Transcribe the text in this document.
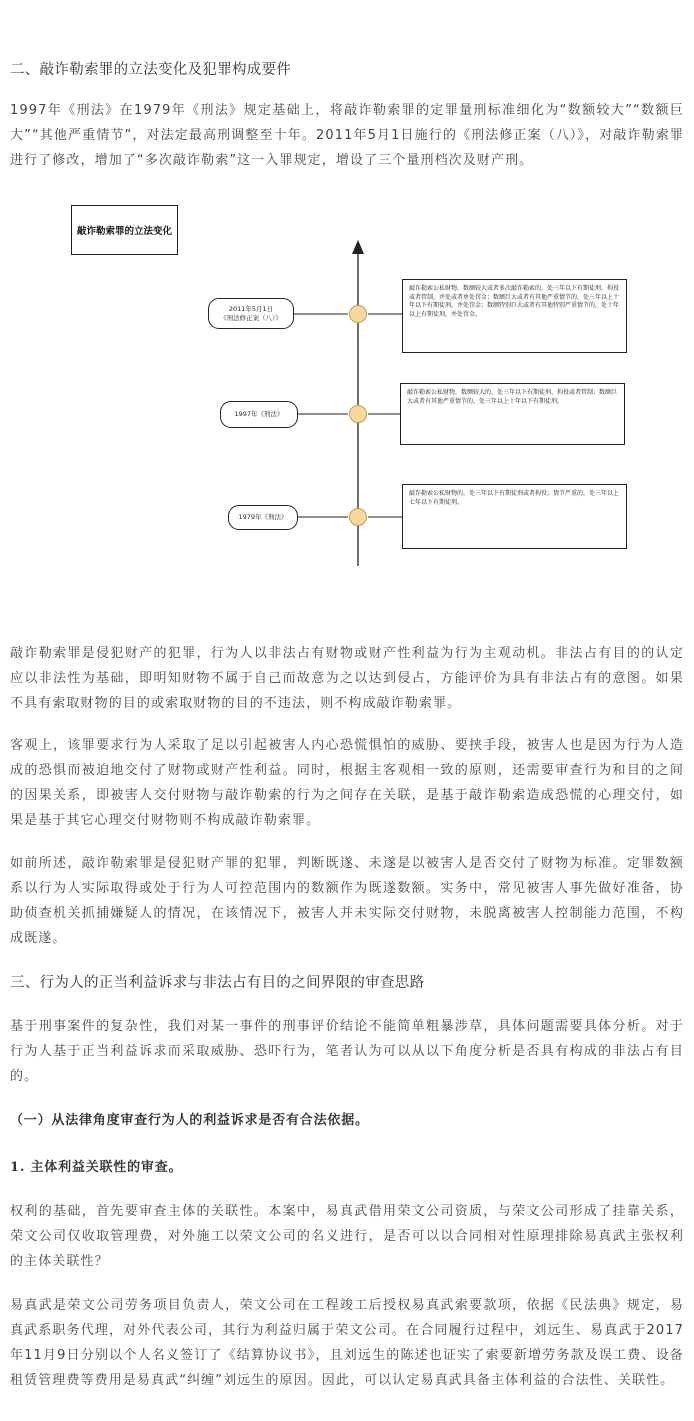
二、敲诈勒索罪的立法变化及犯罪构成要件

1997年《刑法》在1979年《刑法》规定基础上，将敲诈勒索罪的定罪量刑标准细化为“数额较大”“数额巨大”“其他严重情节”，对法定最高刑调整至十年。2011年5月1日施行的《刑法修正案（八）》，对敲诈勒索罪进行了修改，增加了“多次敲诈勒索”这一入罪规定，增设了三个量刑档次及财产刑。

敲诈勒索罪的立法变化
2011年5月1日
《刑法修正案（八）》
1997年《刑法》
1979年《刑法》
敲诈勒索公私财物，数额较大或者多次敲诈勒索的，处三年以下有期徒刑、拘役或者管制，并处或者单处罚金；数额巨大或者有其他严重情节的，处三年以上十年以下有期徒刑，并处罚金；数额特别巨大或者有其他特别严重情节的，处十年以上有期徒刑，并处罚金。
敲诈勒索公私财物，数额较大的，处三年以下有期徒刑、拘役或者管制；数额巨大或者有其他严重情节的，处三年以上十年以下有期徒刑。
敲诈勒索公私财物的，处三年以下有期徒刑或者拘役；情节严重的，处三年以上七年以下有期徒刑。

敲诈勒索罪是侵犯财产的犯罪，行为人以非法占有财物或财产性利益为行为主观动机。非法占有目的的认定应以非法性为基础，即明知财物不属于自己而故意为之以达到侵占，方能评价为具有非法占有的意图。如果不具有索取财物的目的或索取财物的目的不违法，则不构成敲诈勒索罪。

客观上，该罪要求行为人采取了足以引起被害人内心恐慌惧怕的威胁、要挟手段，被害人也是因为行为人造成的恐惧而被迫地交付了财物或财产性利益。同时，根据主客观相一致的原则，还需要审查行为和目的之间的因果关系，即被害人交付财物与敲诈勒索的行为之间存在关联，是基于敲诈勒索造成恐慌的心理交付，如果是基于其它心理交付财物则不构成敲诈勒索罪。

如前所述，敲诈勒索罪是侵犯财产罪的犯罪，判断既遂、未遂是以被害人是否交付了财物为标准。定罪数额系以行为人实际取得或处于行为人可控范围内的数额作为既遂数额。实务中，常见被害人事先做好准备，协助侦查机关抓捕嫌疑人的情况，在该情况下，被害人并未实际交付财物，未脱离被害人控制能力范围，不构成既遂。

三、行为人的正当利益诉求与非法占有目的之间界限的审查思路

基于刑事案件的复杂性，我们对某一事件的刑事评价结论不能简单粗暴涉草，具体问题需要具体分析。对于行为人基于正当利益诉求而采取威胁、恐吓行为，笔者认为可以从以下角度分析是否具有构成的非法占有目的。

（一）从法律角度审查行为人的利益诉求是否有合法依据。
1. 主体利益关联性的审查。

权利的基础，首先要审查主体的关联性。本案中，易真武借用荣文公司资质，与荣文公司形成了挂靠关系，荣文公司仅收取管理费，对外施工以荣文公司的名义进行，是否可以以合同相对性原理排除易真武主张权利的主体关联性？

易真武是荣文公司劳务项目负责人，荣文公司在工程竣工后授权易真武索要款项，依据《民法典》规定，易真武系职务代理，对外代表公司，其行为利益归属于荣文公司。在合同履行过程中，刘远生、易真武于2017年11月9日分别以个人名义签订了《结算协议书》，且刘远生的陈述也证实了索要新增劳务款及误工费、设备租赁管理费等费用是易真武“纠缠”刘远生的原因。因此，可以认定易真武具备主体利益的合法性、关联性。
